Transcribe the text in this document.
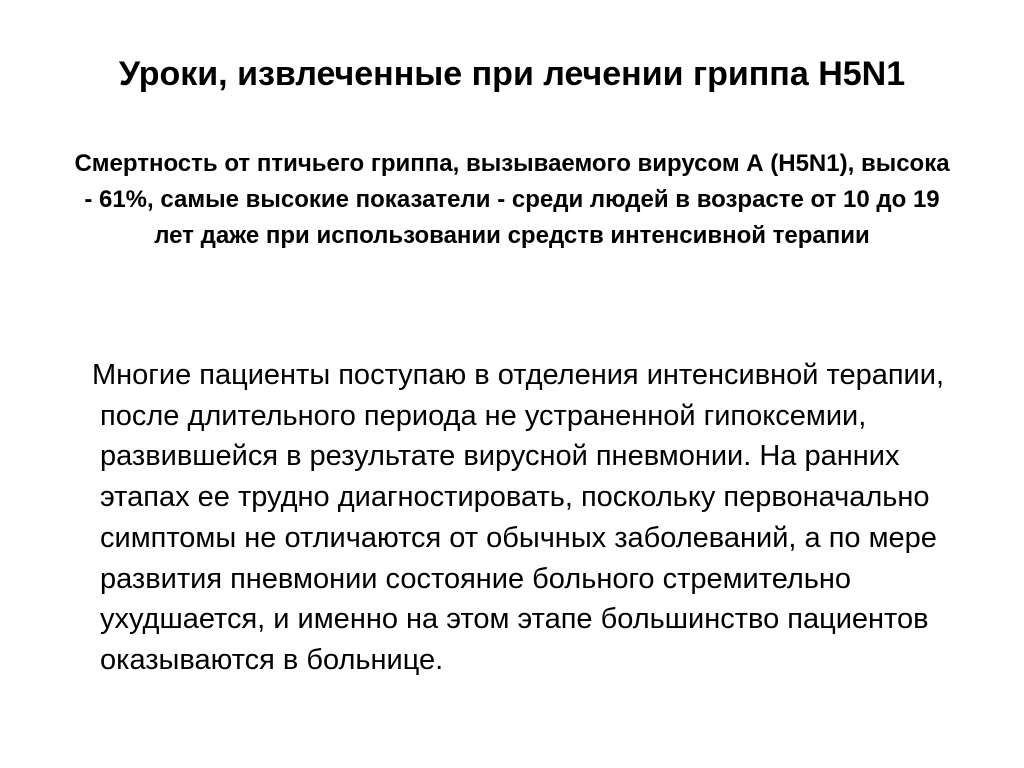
Уроки, извлеченные при лечении гриппа H5N1

Смертность от птичьего гриппа, вызываемого вирусом А (H5N1), высока - 61%, самые высокие показатели - среди людей в возрасте от 10 до 19 лет даже при использовании средств интенсивной терапии

Многие пациенты поступаю в отделения интенсивной терапии, после длительного периода не устраненной гипоксемии, развившейся в результате вирусной пневмонии. На ранних этапах ее трудно диагностировать, поскольку первоначально симптомы не отличаются от обычных заболеваний, а по мере развития пневмонии состояние больного стремительно ухудшается, и именно на этом этапе большинство пациентов оказываются в больнице.
